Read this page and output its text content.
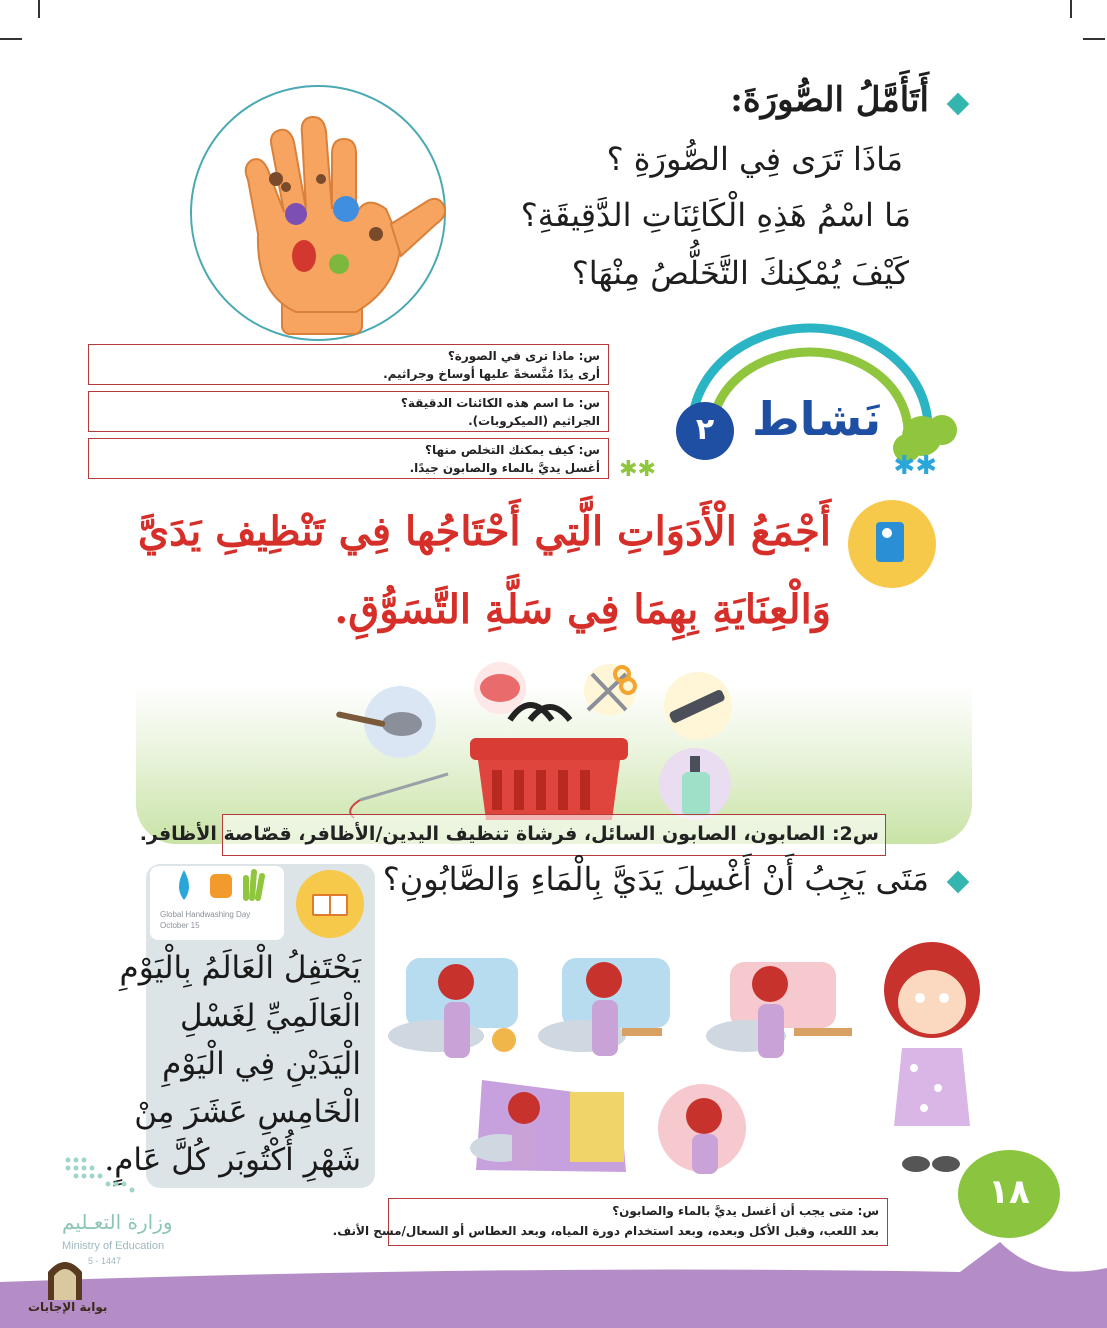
أَتَأَمَّلُ الصُّورَةَ:
مَاذَا تَرَى فِي الصُّورَةِ ؟
مَا اسْمُ هَذِهِ الْكَائِنَاتِ الدَّقِيقَةِ؟
كَيْفَ يُمْكِنكَ التَّخَلُّصُ مِنْهَا؟
س: ماذا ترى في الصورة؟
أرى يدًا مُتَّسخةً عليها أوساخ وجراثيم.
س: ما اسم هذه الكائنات الدقيقة؟
الجراثيم (الميكروبات).
س: كيف يمكنك التخلص منها؟
أغسل يديَّ بالماء والصابون جيدًا.	✱✱
✱✱
نَشاط
٢
أَجْمَعُ الْأَدَوَاتِ الَّتِي أَحْتَاجُها فِي تَنْظِيفِ يَدَيَّ
وَالْعِنَايَةِ بِهِمَا فِي سَلَّةِ التَّسَوُّقِ.
س2: الصابون، الصابون السائل، فرشاة تنظيف اليدين/الأظافر، قصّاصة الأظافر.
مَتَى يَجِبُ أَنْ أَغْسِلَ يَدَيَّ بِالْمَاءِ وَالصَّابُونِ؟
Global Handwashing Day
October 15
يَحْتَفِلُ الْعَالَمُ بِالْيَوْمِ
الْعَالَمِيِّ لِغَسْلِ
الْيَدَيْنِ فِي الْيَوْمِ
الْخَامِسِ عَشَرَ مِنْ
شَهْرِ أُكْتُوبَر كُلَّ عَامٍ.
١٨
س: متى يجب أن أغسل يديَّ بالماء والصابون؟
بعد اللعب، وقبل الأكل وبعده، وبعد استخدام دورة المياه، وبعد العطاس أو السعال/مسح الأنف.
وزارة التعـليم
Ministry of Education
5 - 1447
بوابة الإجابات
